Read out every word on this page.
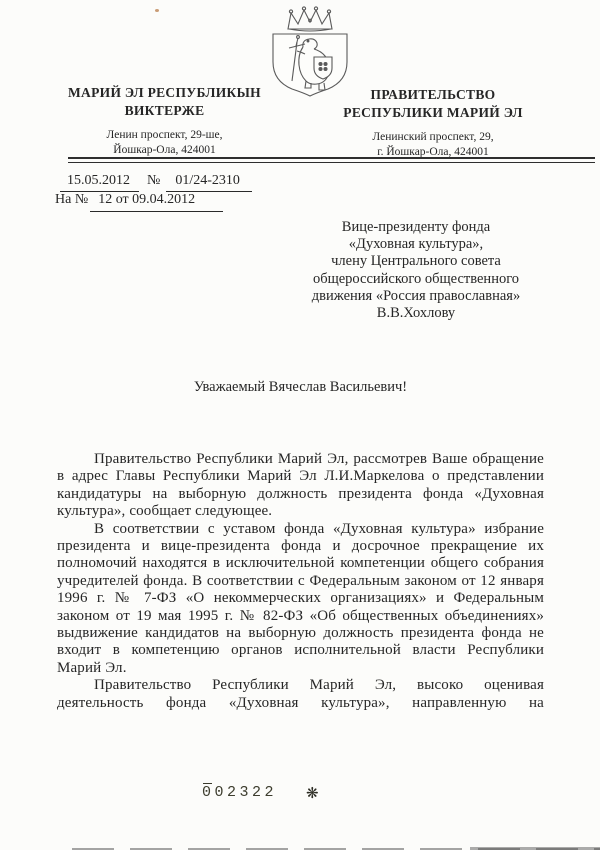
МАРИЙ ЭЛ РЕСПУБЛИКЫН
ВИКТЕРЖЕ
Ленин проспект, 29-ше,
Йошкар-Ола, 424001
ПРАВИТЕЛЬСТВО
РЕСПУБЛИКИ МАРИЙ ЭЛ
Ленинский проспект, 29,
г. Йошкар-Ола, 424001
15.05.2012 № 01/24-2310
На № 12 от 09.04.2012
Вице-президенту фонда
«Духовная культура»,
члену Центрального совета
общероссийского общественного
движения «Россия православная»
В.В.Хохлову
Уважаемый Вячеслав Васильевич!

Правительство Республики Марий Эл, рассмотрев Ваше обращение в адрес Главы Республики Марий Эл Л.И.Маркелова о представлении кандидатуры на выборную должность президента фонда «Духовная культура», сообщает следующее.

В соответствии с уставом фонда «Духовная культура» избрание президента и вице-президента фонда и досрочное прекращение их полномочий находятся в исключительной компетенции общего собрания учредителей фонда. В соответствии с Федеральным законом от 12 января 1996 г. № 7-ФЗ «О некоммерческих организациях» и Федеральным законом от 19 мая 1995 г. № 82-ФЗ «Об общественных объединениях» выдвижение кандидатов на выборную должность президента фонда не входит в компетенцию органов исполнительной власти Республики Марий Эл.

Правительство Республики Марий Эл, высоко оценивая деятельность фонда «Духовная культура», направленную на

002322 ❋
